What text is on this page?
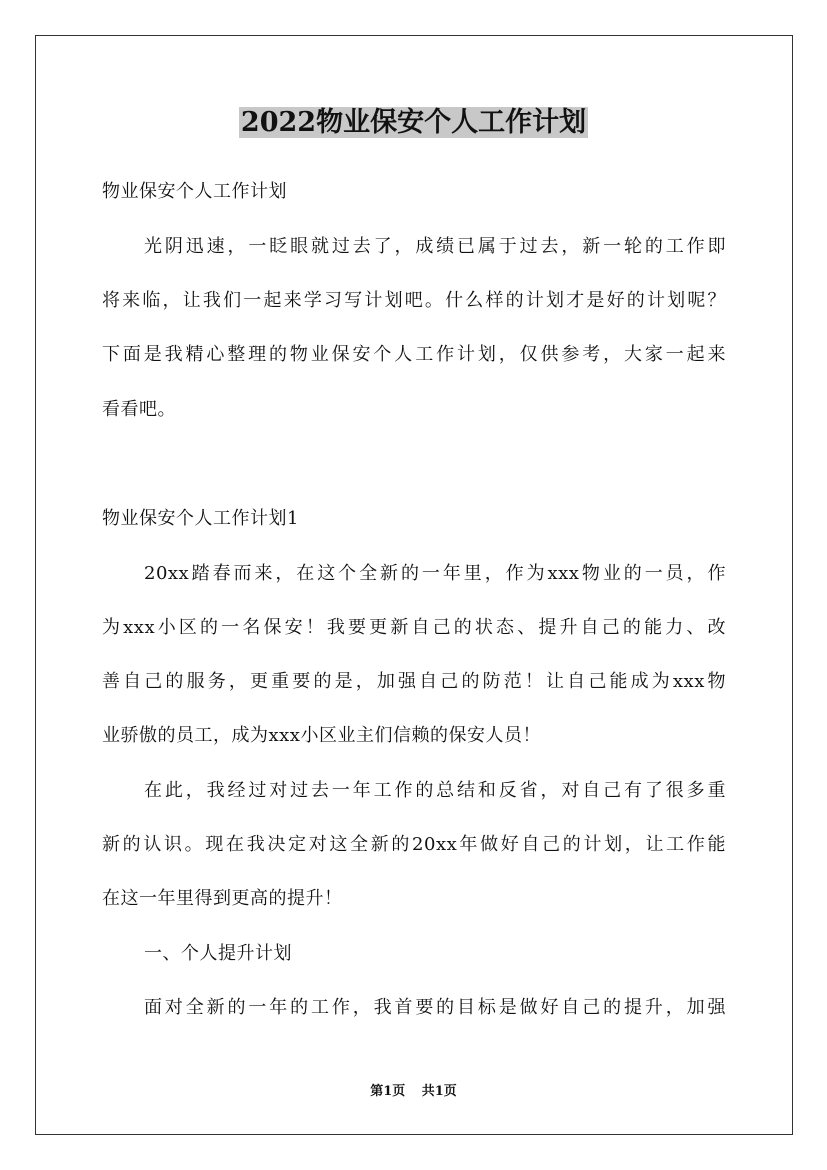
2022物业保安个人工作计划
物业保安个人工作计划
光阴迅速，一眨眼就过去了，成绩已属于过去，新一轮的工作即
将来临，让我们一起来学习写计划吧。什么样的计划才是好的计划呢？
下面是我精心整理的物业保安个人工作计划，仅供参考，大家一起来
看看吧。
物业保安个人工作计划1
20xx踏春而来，在这个全新的一年里，作为xxx物业的一员，作
为xxx小区的一名保安！我要更新自己的状态、提升自己的能力、改
善自己的服务，更重要的是，加强自己的防范！让自己能成为xxx物
业骄傲的员工，成为xxx小区业主们信赖的保安人员！
在此，我经过对过去一年工作的总结和反省，对自己有了很多重
新的认识。现在我决定对这全新的20xx年做好自己的计划，让工作能
在这一年里得到更高的提升！
一、个人提升计划
面对全新的一年的工作，我首要的目标是做好自己的提升，加强
第1页 共1页
